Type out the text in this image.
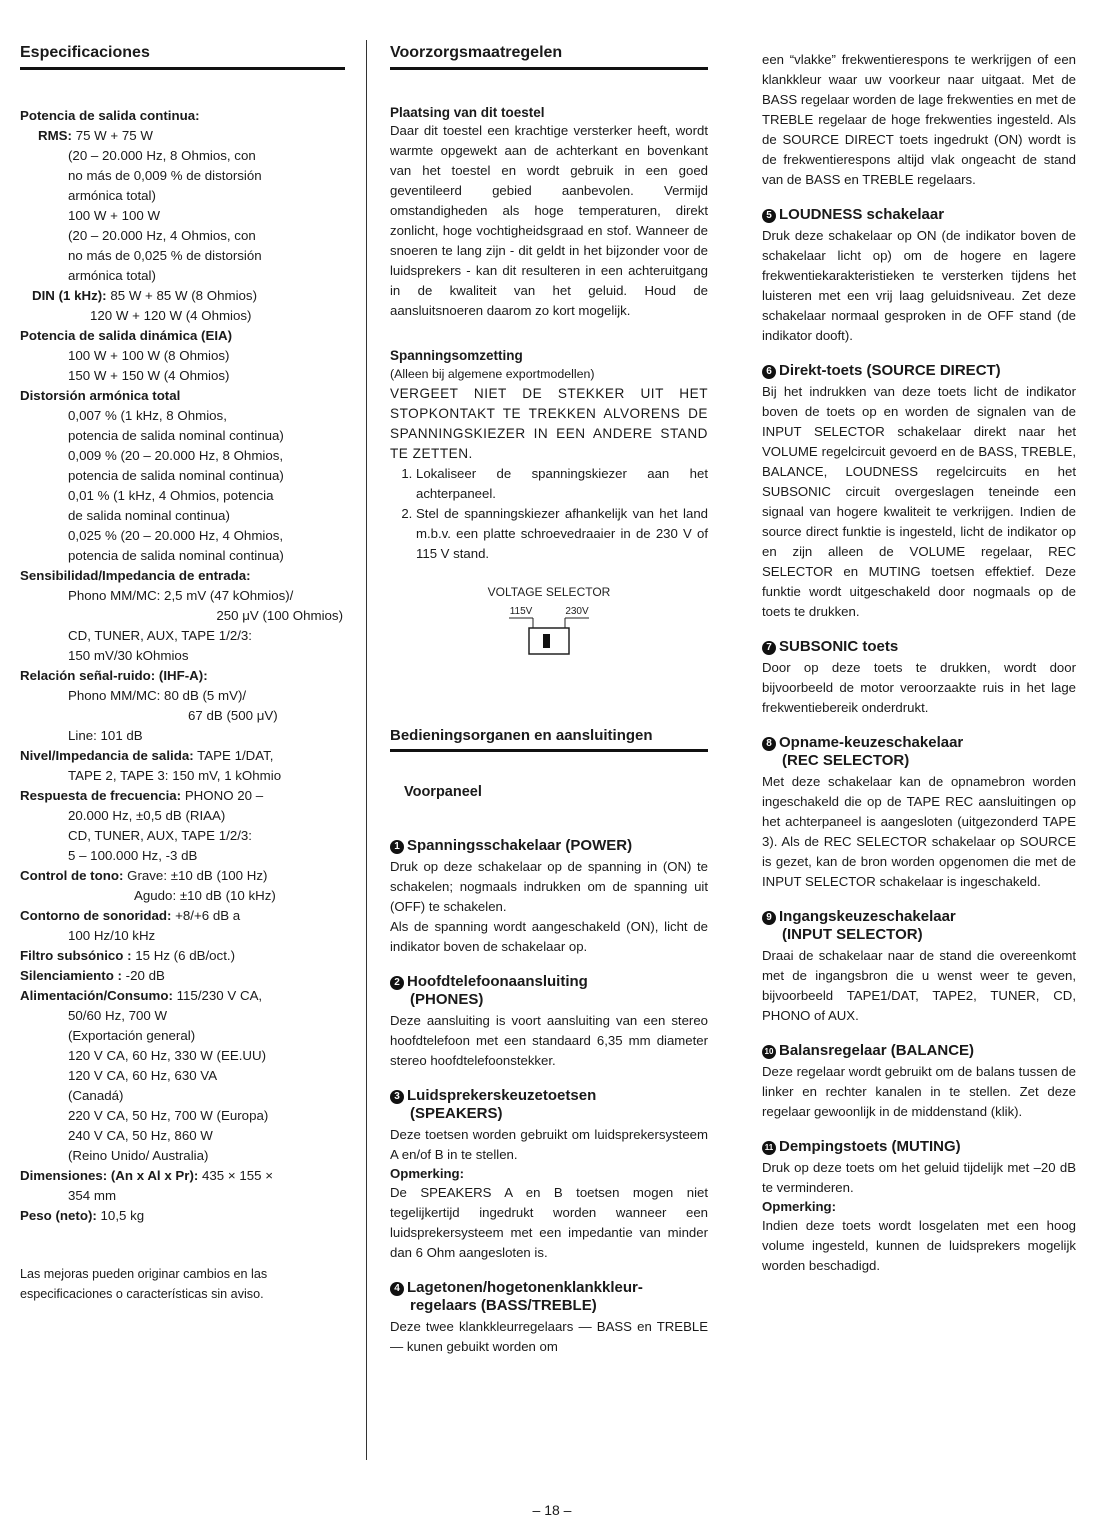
Especificaciones

Potencia de salida continua:

RMS: 75 W + 75 W

(20 – 20.000 Hz, 8 Ohmios, con

no más de 0,009 % de distorsión

armónica total)

100 W + 100 W

(20 – 20.000 Hz, 4 Ohmios, con

no más de 0,025 % de distorsión

armónica total)

DIN (1 kHz): 85 W + 85 W (8 Ohmios)

120 W + 120 W (4 Ohmios)

Potencia de salida dinámica (EIA)

100 W + 100 W (8 Ohmios)

150 W + 150 W (4 Ohmios)

Distorsión armónica total

0,007 % (1 kHz, 8 Ohmios,

potencia de salida nominal continua)

0,009 % (20 – 20.000 Hz, 8 Ohmios,

potencia de salida nominal continua)

0,01 % (1 kHz, 4 Ohmios, potencia

de salida nominal continua)

0,025 % (20 – 20.000 Hz, 4 Ohmios,

potencia de salida nominal continua)

Sensibilidad/Impedancia de entrada:

Phono MM/MC: 2,5 mV (47 kOhmios)/

250 μV (100 Ohmios)

CD, TUNER, AUX, TAPE 1/2/3:

150 mV/30 kOhmios

Relación señal-ruido: (IHF-A):

Phono MM/MC: 80 dB (5 mV)/

67 dB (500 μV)

Line: 101 dB

Nivel/Impedancia de salida: TAPE 1/DAT,

TAPE 2, TAPE 3: 150 mV, 1 kOhmio

Respuesta de frecuencia: PHONO 20 –

20.000 Hz, ±0,5 dB (RIAA)

CD, TUNER, AUX, TAPE 1/2/3:

5 – 100.000 Hz, -3 dB

Control de tono: Grave: ±10 dB (100 Hz)

Agudo: ±10 dB (10 kHz)

Contorno de sonoridad: +8/+6 dB a

100 Hz/10 kHz

Filtro subsónico : 15 Hz (6 dB/oct.)

Silenciamiento : -20 dB

Alimentación/Consumo: 115/230 V CA,

50/60 Hz, 700 W

(Exportación general)

120 V CA, 60 Hz, 330 W (EE.UU)

120 V CA, 60 Hz, 630 VA

(Canadá)

220 V CA, 50 Hz, 700 W (Europa)

240 V CA, 50 Hz, 860 W

(Reino Unido/ Australia)

Dimensiones: (An x Al x Pr): 435 × 155 ×

354 mm

Peso (neto): 10,5 kg

Las mejoras pueden originar cambios en las especificaciones o características sin aviso.

Voorzorgsmaatregelen

Plaatsing van dit toestel

Daar dit toestel een krachtige versterker heeft, wordt warmte opgewekt aan de achterkant en bovenkant van het toestel en wordt gebruik in een goed geventileerd gebied aanbevolen. Vermijd omstandigheden als hoge temperaturen, direkt zonlicht, hoge vochtigheidsgraad en stof. Wanneer de snoeren te lang zijn - dit geldt in het bijzonder voor de luidsprekers - kan dit resulteren in een achteruitgang in de kwaliteit van het geluid. Houd de aansluitsnoeren daarom zo kort mogelijk.

Spanningsomzetting

(Alleen bij algemene exportmodellen)

VERGEET NIET DE STEKKER UIT HET STOPKONTAKT TE TREKKEN ALVORENS DE SPANNINGSKIEZER IN EEN ANDERE STAND TE ZETTEN.

1. Lokaliseer de spanningskiezer aan het achterpaneel.
2. Stel de spanningskiezer afhankelijk van het land m.b.v. een platte schroevedraaier in de 230 V of 115 V stand.
VOLTAGE SELECTOR
115V	230V
Bedieningsorganen en aansluitingen

Voorpaneel

1 Spanningsschakelaar (POWER)

Druk op deze schakelaar op de spanning in (ON) te schakelen; nogmaals indrukken om de spanning uit (OFF) te schakelen.

Als de spanning wordt aangeschakeld (ON), licht de indikator boven de schakelaar op.

2 Hoofdtelefoonaansluiting
(PHONES)

Deze aansluiting is voort aansluiting van een stereo hoofdtelefoon met een standaard 6,35 mm diameter stereo hoofdtelefoonstekker.

3 Luidsprekerskeuzetoetsen
(SPEAKERS)

Deze toetsen worden gebruikt om luidsprekersysteem A en/of B in te stellen.

Opmerking:

De SPEAKERS A en B toetsen mogen niet tegelijkertijd ingedrukt worden wanneer een luidsprekersysteem met een impedantie van minder dan 6 Ohm aangesloten is.

4 Lagetonen/hogetonenklankkleur-
regelaars (BASS/TREBLE)

Deze twee klankkleurregelaars — BASS en TREBLE — kunen gebuikt worden om

een “vlakke” frekwentierespons te werkrijgen of een klankkleur waar uw voorkeur naar uitgaat. Met de BASS regelaar worden de lage frekwenties en met de TREBLE regelaar de hoge frekwenties ingesteld. Als de SOURCE DIRECT toets ingedrukt (ON) wordt is de frekwentierespons altijd vlak ongeacht de stand van de BASS en TREBLE regelaars.

5 LOUDNESS schakelaar

Druk deze schakelaar op ON (de indikator boven de schakelaar licht op) om de hogere en lagere frekwentiekarakteristieken te versterken tijdens het luisteren met een vrij laag geluidsniveau. Zet deze schakelaar normaal gesproken in de OFF stand (de indikator dooft).

6 Direkt-toets (SOURCE DIRECT)

Bij het indrukken van deze toets licht de indikator boven de toets op en worden de signalen van de INPUT SELECTOR schakelaar direkt naar het VOLUME regelcircuit gevoerd en de BASS, TREBLE, BALANCE, LOUDNESS regelcircuits en het SUBSONIC circuit overgeslagen teneinde een signaal van hogere kwaliteit te verkrijgen. Indien de source direct funktie is ingesteld, licht de indikator op en zijn alleen de VOLUME regelaar, REC SELECTOR en MUTING toetsen effektief. Deze funktie wordt uitgeschakeld door nogmaals op de toets te drukken.

7 SUBSONIC toets

Door op deze toets te drukken, wordt door bijvoorbeeld de motor veroorzaakte ruis in het lage frekwentiebereik onderdrukt.

8 Opname-keuzeschakelaar
(REC SELECTOR)

Met deze schakelaar kan de opnamebron worden ingeschakeld die op de TAPE REC aansluitingen op het achterpaneel is aangesloten (uitgezonderd TAPE 3). Als de REC SELECTOR schakelaar op SOURCE is gezet, kan de bron worden opgenomen die met de INPUT SELECTOR schakelaar is ingeschakeld.

9 Ingangskeuzeschakelaar
(INPUT SELECTOR)

Draai de schakelaar naar de stand die overeenkomt met de ingangsbron die u wenst weer te geven, bijvoorbeeld TAPE1/DAT, TAPE2, TUNER, CD, PHONO of AUX.

10 Balansregelaar (BALANCE)

Deze regelaar wordt gebruikt om de balans tussen de linker en rechter kanalen in te stellen. Zet deze regelaar gewoonlijk in de middenstand (klik).

11 Dempingstoets (MUTING)

Druk op deze toets om het geluid tijdelijk met –20 dB te verminderen.

Opmerking:

Indien deze toets wordt losgelaten met een hoog volume ingesteld, kunnen de luidsprekers mogelijk worden beschadigd.

– 18 –
